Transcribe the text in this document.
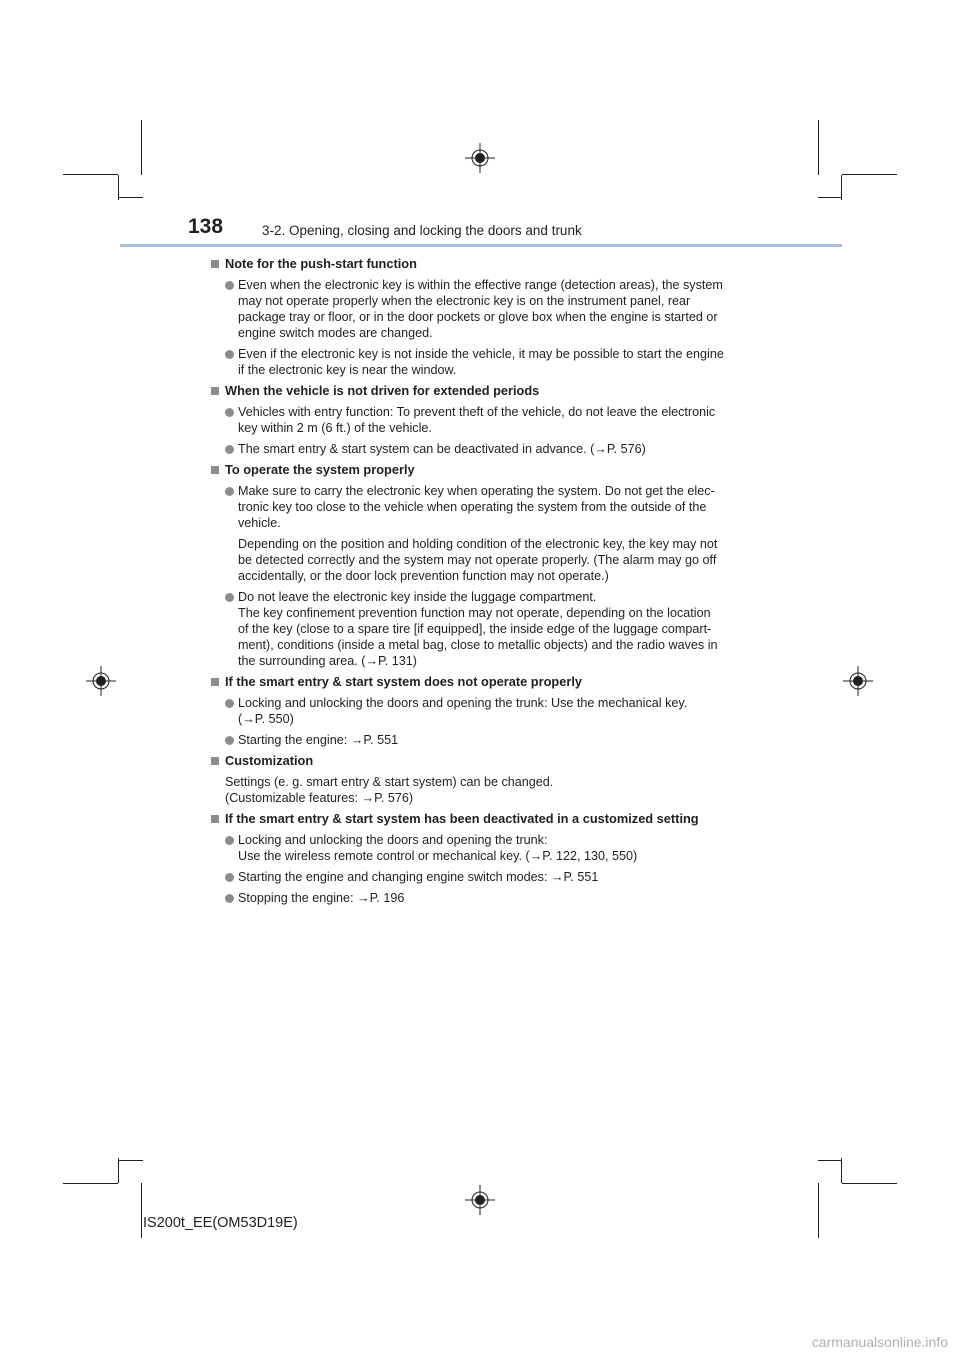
138	3-2. Opening, closing and locking the doors and trunk
Note for the push-start function
Even when the electronic key is within the effective range (detection areas), the system
may not operate properly when the electronic key is on the instrument panel, rear
package tray or floor, or in the door pockets or glove box when the engine is started or
engine switch modes are changed.
Even if the electronic key is not inside the vehicle, it may be possible to start the engine
if the electronic key is near the window.
When the vehicle is not driven for extended periods
Vehicles with entry function: To prevent theft of the vehicle, do not leave the electronic
key within 2 m (6 ft.) of the vehicle.
The smart entry & start system can be deactivated in advance. (→P. 576)
To operate the system properly
Make sure to carry the electronic key when operating the system. Do not get the elec-
tronic key too close to the vehicle when operating the system from the outside of the
vehicle.
Depending on the position and holding condition of the electronic key, the key may not
be detected correctly and the system may not operate properly. (The alarm may go off
accidentally, or the door lock prevention function may not operate.)
Do not leave the electronic key inside the luggage compartment.
The key confinement prevention function may not operate, depending on the location
of the key (close to a spare tire [if equipped], the inside edge of the luggage compart-
ment), conditions (inside a metal bag, close to metallic objects) and the radio waves in
the surrounding area. (→P. 131)
If the smart entry & start system does not operate properly
Locking and unlocking the doors and opening the trunk: Use the mechanical key.
(→P. 550)
Starting the engine: →P. 551
Customization
Settings (e. g. smart entry & start system) can be changed.
(Customizable features: →P. 576)
If the smart entry & start system has been deactivated in a customized setting
Locking and unlocking the doors and opening the trunk:
Use the wireless remote control or mechanical key. (→P. 122, 130, 550)
Starting the engine and changing engine switch modes: →P. 551
Stopping the engine: →P. 196
IS200t_EE(OM53D19E)
carmanualsonline.info
